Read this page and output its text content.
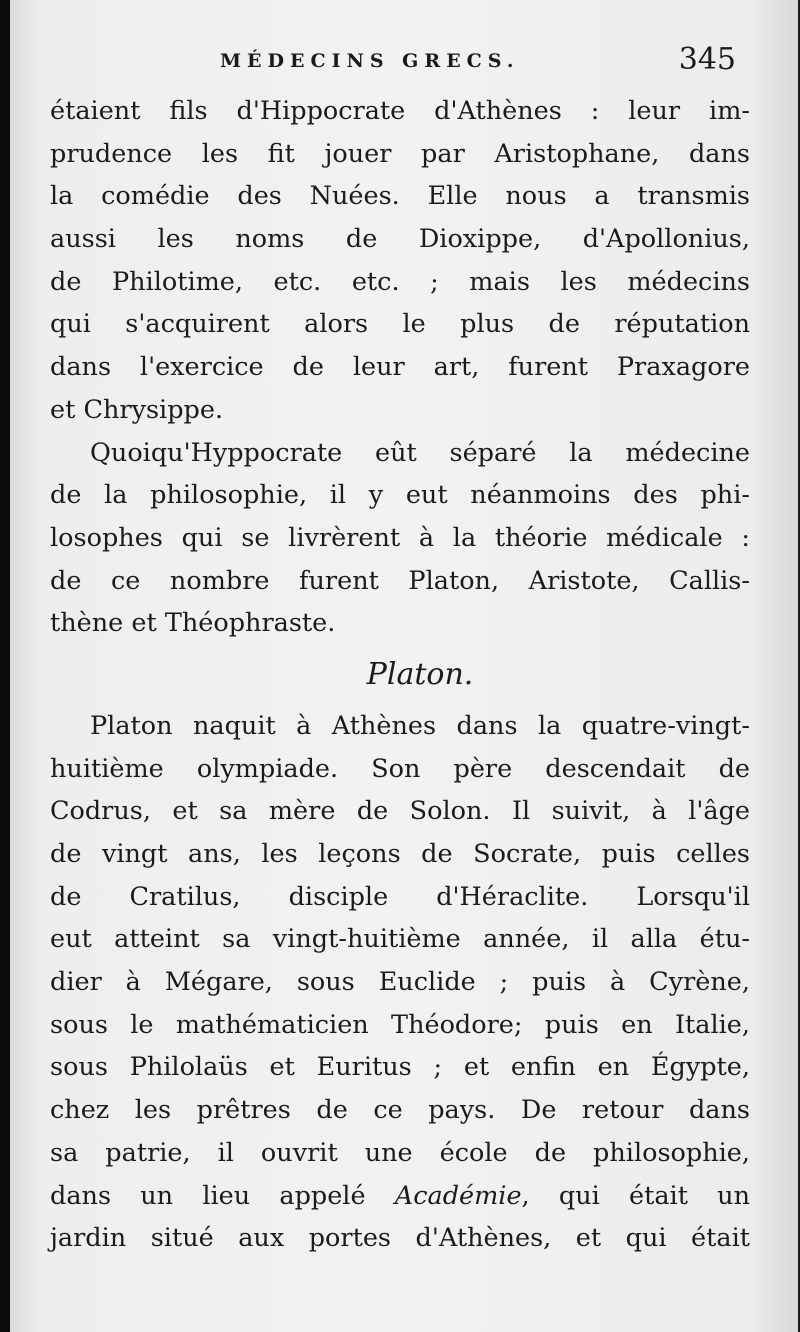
MÉDECINS GRECS.	345
étaient fils d'Hippocrate d'Athènes : leur im-
prudence les fit jouer par Aristophane, dans
la comédie des Nuées. Elle nous a transmis
aussi les noms de Dioxippe, d'Apollonius,
de Philotime, etc. etc. ; mais les médecins
qui s'acquirent alors le plus de réputation
dans l'exercice de leur art, furent Praxagore
et Chrysippe.
Quoiqu'Hyppocrate eût séparé la médecine
de la philosophie, il y eut néanmoins des phi-
losophes qui se livrèrent à la théorie médicale :
de ce nombre furent Platon, Aristote, Callis-
thène et Théophraste.
Platon.
Platon naquit à Athènes dans la quatre-vingt-
huitième olympiade. Son père descendait de
Codrus, et sa mère de Solon. Il suivit, à l'âge
de vingt ans, les leçons de Socrate, puis celles
de Cratilus, disciple d'Héraclite. Lorsqu'il
eut atteint sa vingt-huitième année, il alla étu-
dier à Mégare, sous Euclide ; puis à Cyrène,
sous le mathématicien Théodore; puis en Italie,
sous Philolaüs et Euritus ; et enfin en Égypte,
chez les prêtres de ce pays. De retour dans
sa patrie, il ouvrit une école de philosophie,
dans un lieu appelé Académie, qui était un
jardin situé aux portes d'Athènes, et qui était
